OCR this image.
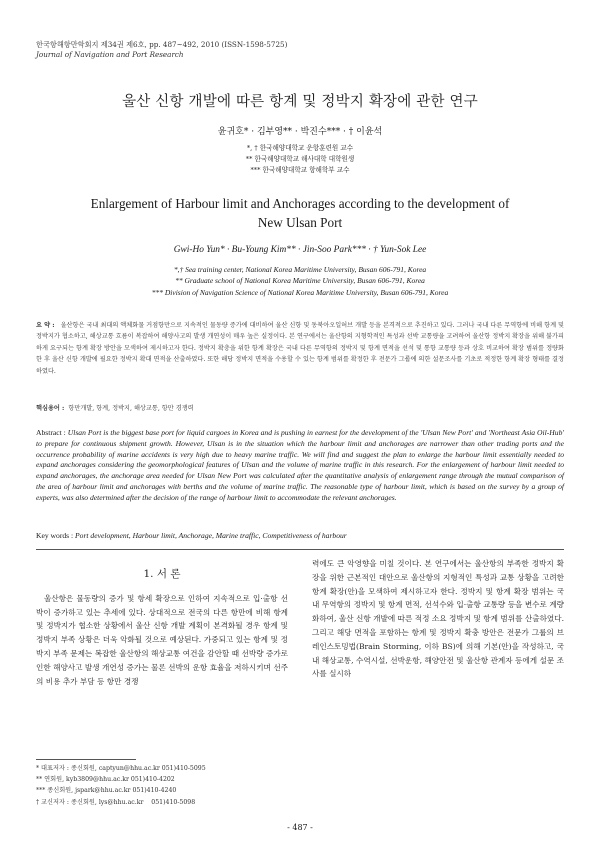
한국항해항만학회지 제34권 제6호, pp. 487~492, 2010 (ISSN-1598-5725)
Journal of Navigation and Port Research
울산 신항 개발에 따른 항계 및 정박지 확장에 관한 연구
윤귀호* · 김부영** · 박진수*** · † 이윤석
*, † 한국해양대학교 운항훈련원 교수
** 한국해양대학교 해사대학 대학원생
*** 한국해양대학교 항해학부 교수
Enlargement of Harbour limit and Anchorages according to the development of New Ulsan Port
Gwi-Ho Yun* · Bu-Young Kim** · Jin-Soo Park*** · † Yun-Sok Lee
*,† Sea training center, National Korea Maritime University, Busan 606-791, Korea
** Graduate school of National Korea Maritime University, Busan 606-791, Korea
*** Division of Navigation Science of National Korea Maritime University, Busan 606-791, Korea
요 약 : 울산항은 국내 최대의 액체화물 거점항만으로 지속적인 물동량 증가에 대비하여 울산 신항 및 동북아오일허브 개발 등을 본격적으로 추진하고 있다. 그러나 국내 다른 무역항에 비해 항계 및 정박지가 협소하고, 해상교통 흐름이 복잡하여 해양사고의 발생 개연성이 매우 높은 실정이다. 본 연구에서는 울산항의 지형학적인 특성과 선박 교통량을 고려하여 울산항 정박지 확장을 위해 불가피하게 요구되는 항계 확장 방안을 모색하여 제시하고자 한다. 정박지 확충을 위한 항계 확장은 국내 다른 무역항의 정박지 및 항계 면적을 선석 및 통항 교통량 등과 상호 비교하여 확장 범위를 정량화한 후 울산 신항 개발에 필요한 정박지 확대 면적을 산출하였다. 또한 해당 정박지 면적을 수용할 수 있는 항계 범위를 확정한 후 전문가 그룹에 의한 설문조사를 기초로 적정한 항계 확장 형태를 결정하였다.
핵심용어 : 항만개발, 항계, 정박지, 해상교통, 항만 경쟁력
Abstract : Ulsan Port is the biggest base port for liquid cargoes in Korea and is pushing in earnest for the development of the 'Ulsan New Port' and 'Northeast Asia Oil-Hub' to prepare for continuous shipment growth. However, Ulsan is in the situation which the harbour limit and anchorages are narrower than other trading ports and the occurrence probability of marine accidents is very high due to heavy marine traffic. We will find and suggest the plan to enlarge the harbour limit essentially needed to expand anchorages considering the geomorphological features of Ulsan and the volume of marine traffic in this research. For the enlargement of harbour limit needed to expand anchorages, the anchorage area needed for Ulsan New Port was calculated after the quantitative analysis of enlargement range through the mutual comparison of the area of harbour limit and anchorages with berths and the volume of marine traffic. The reasonable type of harbour limit, which is based on the survey by a group of experts, was also determined after the decision of the range of harbour limit to accommodate the relevant anchorages.
Key words : Port development, Harbour limit, Anchorage, Marine traffic, Competitiveness of harbour
1. 서 론

울산항은 물동량의 증가 및 항세 확장으로 인하여 지속적으로 입·출항 선박이 증가하고 있는 추세에 있다. 상대적으로 전국의 다른 항만에 비해 항계 및 정박지가 협소한 상황에서 울산 신항 개발 계획이 본격화될 경우 항계 및 정박지 부족 상황은 더욱 악화될 것으로 예상된다. 가중되고 있는 항계 및 정박지 부족 문제는 복잡한 울산항의 해상교통 여건을 감안할 때 선박량 증가로 인한 해양사고 발생 개연성 증가는 물론 선박의 운항 효율을 저하시키며 선주의 비용 추가 부담 등 항만 경쟁

력에도 큰 악영향을 미칠 것이다. 본 연구에서는 울산항의 부족한 정박지 확장을 위한 근본적인 대안으로 울산항의 지형적인 특성과 교통 상황을 고려한 항계 확장(안)을 모색하여 제시하고자 한다. 정박지 및 항계 확장 범위는 국내 무역항의 정박지 및 항계 면적, 선석수와 입·출항 교통량 등을 변수로 계량화하여, 울산 신항 개발에 따른 적정 소요 정박지 및 항계 범위를 산출하였다. 그리고 해당 면적을 포함하는 항계 및 정박지 확충 방안은 전문가 그룹의 브레인스토밍법(Brain Storming, 이하 BS)에 의해 기본(안)을 작성하고, 국내 해상교통, 수역시설, 선박운항, 해양안전 및 울산항 관계자 등에게 설문 조사를 실시하

* 대표저자 : 종신회원, captyun@hhu.ac.kr 051)410-5095
** 연회원, kyb3809@hhu.ac.kr 051)410-4202
*** 종신회원, jspark@hhu.ac.kr 051)410-4240
† 교신저자 : 종신회원, lys@hhu.ac.kr    051)410-5098
- 487 -
